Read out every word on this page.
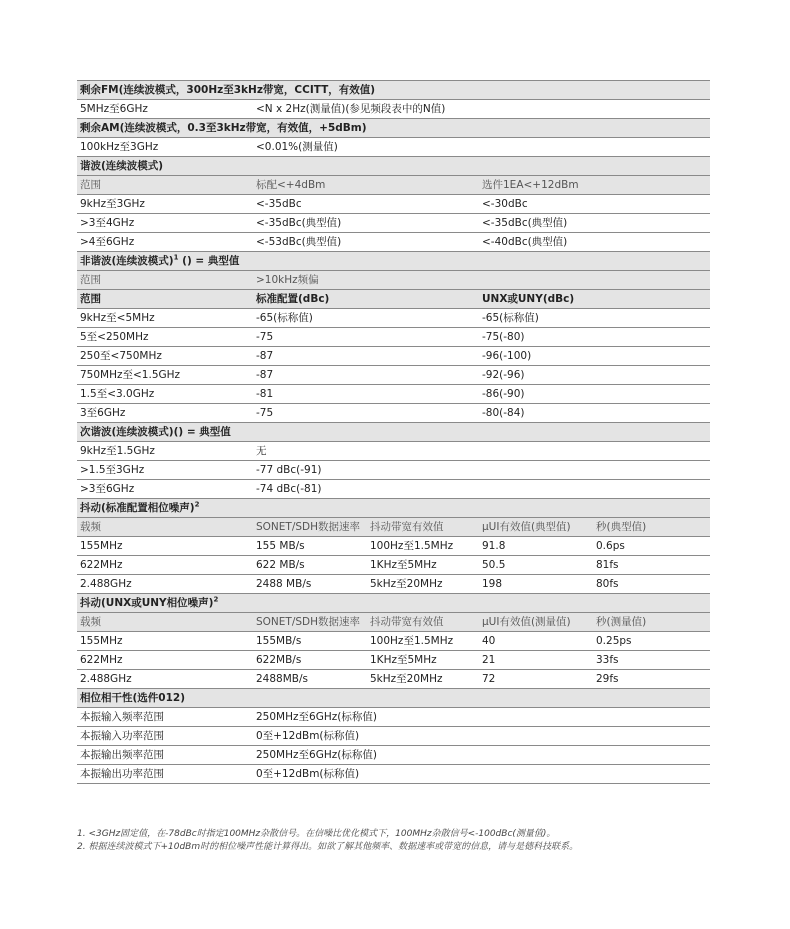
剩余FM(连续波模式，300Hz至3kHz带宽，CCITT，有效值)				
5MHz至6GHz	<N x 2Hz(测量值)(参见频段表中的N值)			
剩余AM(连续波模式，0.3至3kHz带宽，有效值，+5dBm)				
100kHz至3GHz	<0.01%(测量值)			
谐波(连续波模式)				
范围	标配<+4dBm		选件1EA<+12dBm	
9kHz至3GHz	<-35dBc		<-30dBc	
>3至4GHz	<-35dBc(典型值)		<-35dBc(典型值)	
>4至6GHz	<-53dBc(典型值)		<-40dBc(典型值)	
非谐波(连续波模式)$^1$ () = 典型值				
范围	>10kHz频偏			
范围	标准配置(dBc)		UNX或UNY(dBc)	
9kHz至<5MHz	-65(标称值)		-65(标称值)	
5至<250MHz	-75		-75(-80)	
250至<750MHz	-87		-96(-100)	
750MHz至<1.5GHz	-87		-92(-96)	
1.5至<3.0GHz	-81		-86(-90)	
3至6GHz	-75		-80(-84)	
次谐波(连续波模式)() = 典型值				
9kHz至1.5GHz	无			
>1.5至3GHz	-77 dBc(-91)			
>3至6GHz	-74 dBc(-81)			
抖动(标准配置相位噪声)$^2$
载频	SONET/SDH数据速率	抖动带宽有效值	µUI有效值(典型值)	秒(典型值)
155MHz	155 MB/s	100Hz至1.5MHz	91.8	0.6ps
622MHz	622 MB/s	1KHz至5MHz	50.5	81fs
2.488GHz	2488 MB/s	5kHz至20MHz	198	80fs
抖动(UNX或UNY相位噪声)$^2$
载频	SONET/SDH数据速率	抖动带宽有效值	µUI有效值(测量值)	秒(测量值)
155MHz	155MB/s	100Hz至1.5MHz	40	0.25ps
622MHz	622MB/s	1KHz至5MHz	21	33fs
2.488GHz	2488MB/s	5kHz至20MHz	72	29fs
相位相干性(选件012)				
本振输入频率范围	250MHz至6GHz(标称值)			
本振输入功率范围	0至+12dBm(标称值)			
本振输出频率范围	250MHz至6GHz(标称值)			
本振输出功率范围	0至+12dBm(标称值)			
1. <3GHz固定值，在-78dBc时指定100MHz杂散信号。在信噪比优化模式下，100MHz杂散信号<-100dBc(测量值)。
2. 根据连续波模式下+10dBm时的相位噪声性能计算得出。如欲了解其他频率、数据速率或带宽的信息，请与是德科技联系。
